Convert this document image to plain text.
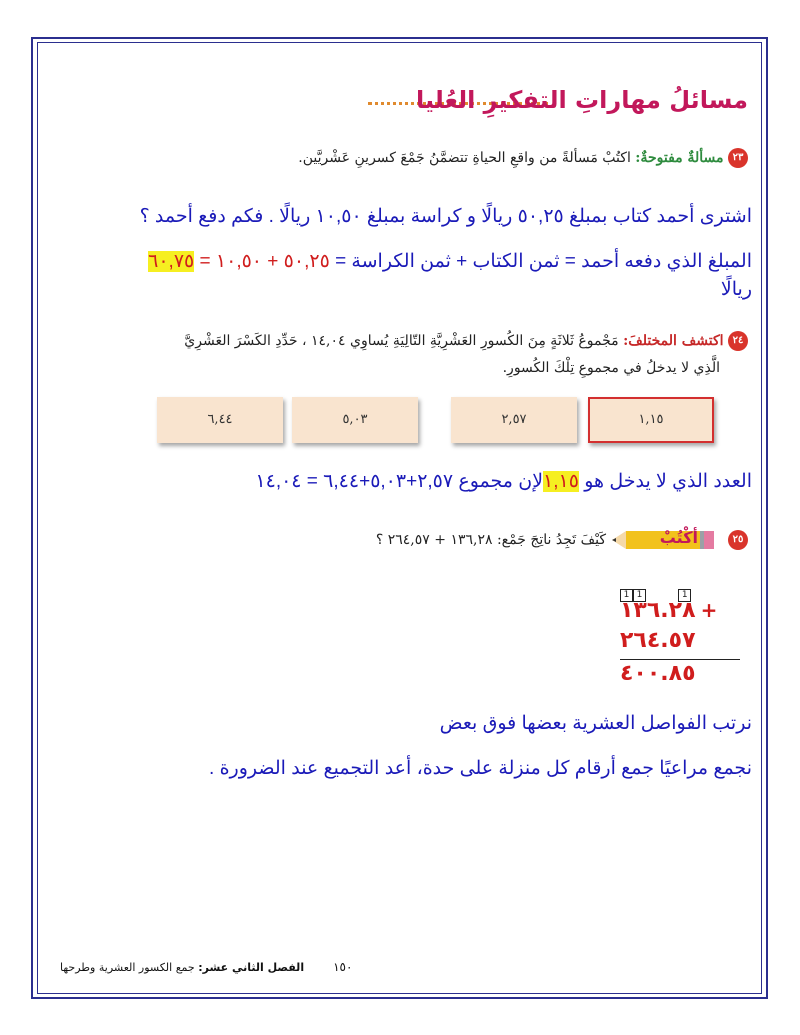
مسائلُ مهاراتِ التفكيرِ العُليا
٢٣ مسألةٌ مفتوحةٌ: اكتُبْ مَسألةً من واقعِ الحياةِ تتضمَّنُ جَمْعَ كسرينِ عَشْريَّين.
اشترى أحمد كتاب بمبلغ ٥٠,٢٥ ريالًا و كراسة بمبلغ ١٠,٥٠ ريالًا . فكم دفع أحمد ؟
المبلغ الذي دفعه أحمد = ثمن الكتاب + ثمن الكراسة = ٥٠,٢٥ + ١٠,٥٠ = ٦٠,٧٥
ريالًا
٢٤ اكتشف المختلفَ: مَجْموعُ ثَلاثَةٍ مِنَ الكُسورِ العَشْرِيَّةِ التّالِيَةِ يُساوِي ١٤,٠٤ ، حَدِّدِ الكَسْرَ العَشْرِيَّ
الَّذِي لا يدخلُ في مجموعِ تِلْكَ الكُسورِ.
١,١٥
٢,٥٧
٥,٠٣
٦,٤٤
العدد الذي لا يدخل هو ١,١٥لإن مجموع ٢,٥٧+٥,٠٣+٦,٤٤ = ١٤,٠٤
٢٥
أكْتُبْ
كَيْفَ تَجِدُ ناتِجَ جَمْع: ١٣٦,٢٨ + ٢٦٤,٥٧ ؟
1 1	1
١٣٦.٢٨ +
٢٦٤.٥٧
٤٠٠.٨٥
نرتب الفواصل العشرية بعضها فوق بعض
نجمع مراعيًا جمع أرقام كل منزلة على حدة، أعد التجميع عند الضرورة .
١٥٠  الفصل الثاني عشر: جمع الكسور العشرية وطرحها
